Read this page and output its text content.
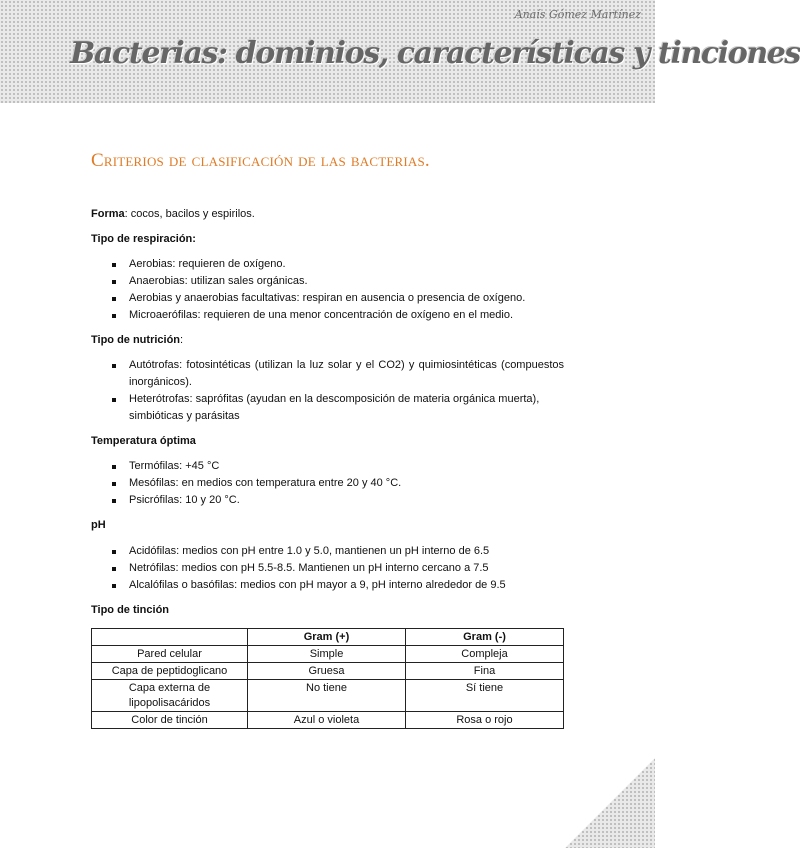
Anaís Gómez Martínez
Bacterias: dominios, características y tinciones
Criterios de clasificación de las bacterias.

Forma: cocos, bacilos y espirilos.

Tipo de respiración:

Aerobias: requieren de oxígeno.
Anaerobias: utilizan sales orgánicas.
Aerobias y anaerobias facultativas: respiran en ausencia o presencia de oxígeno.
Microaerófilas: requieren de una menor concentración de oxígeno en el medio.

Tipo de nutrición:

Autótrofas: fotosintéticas (utilizan la luz solar y el CO2) y quimiosintéticas (compuestos inorgánicos).
Heterótrofas: saprófitas (ayudan en la descomposición de materia orgánica muerta), simbióticas y parásitas

Temperatura óptima

Termófilas: +45 °C
Mesófilas: en medios con temperatura entre 20 y 40 °C.
Psicrófilas: 10 y 20 °C.

pH

Acidófilas: medios con pH entre 1.0 y 5.0, mantienen un pH interno de 6.5
Netrófilas: medios con pH 5.5-8.5. Mantienen un pH interno cercano a 7.5
Alcalófilas o basófilas: medios con pH mayor a 9, pH interno alrededor de 9.5

Tipo de tinción

	Gram (+)	Gram (-)
Pared celular	Simple	Compleja
Capa de peptidoglicano	Gruesa	Fina
Capa externa de lipopolisacáridos	No tiene	Sí tiene
Color de tinción	Azul o violeta	Rosa o rojo
